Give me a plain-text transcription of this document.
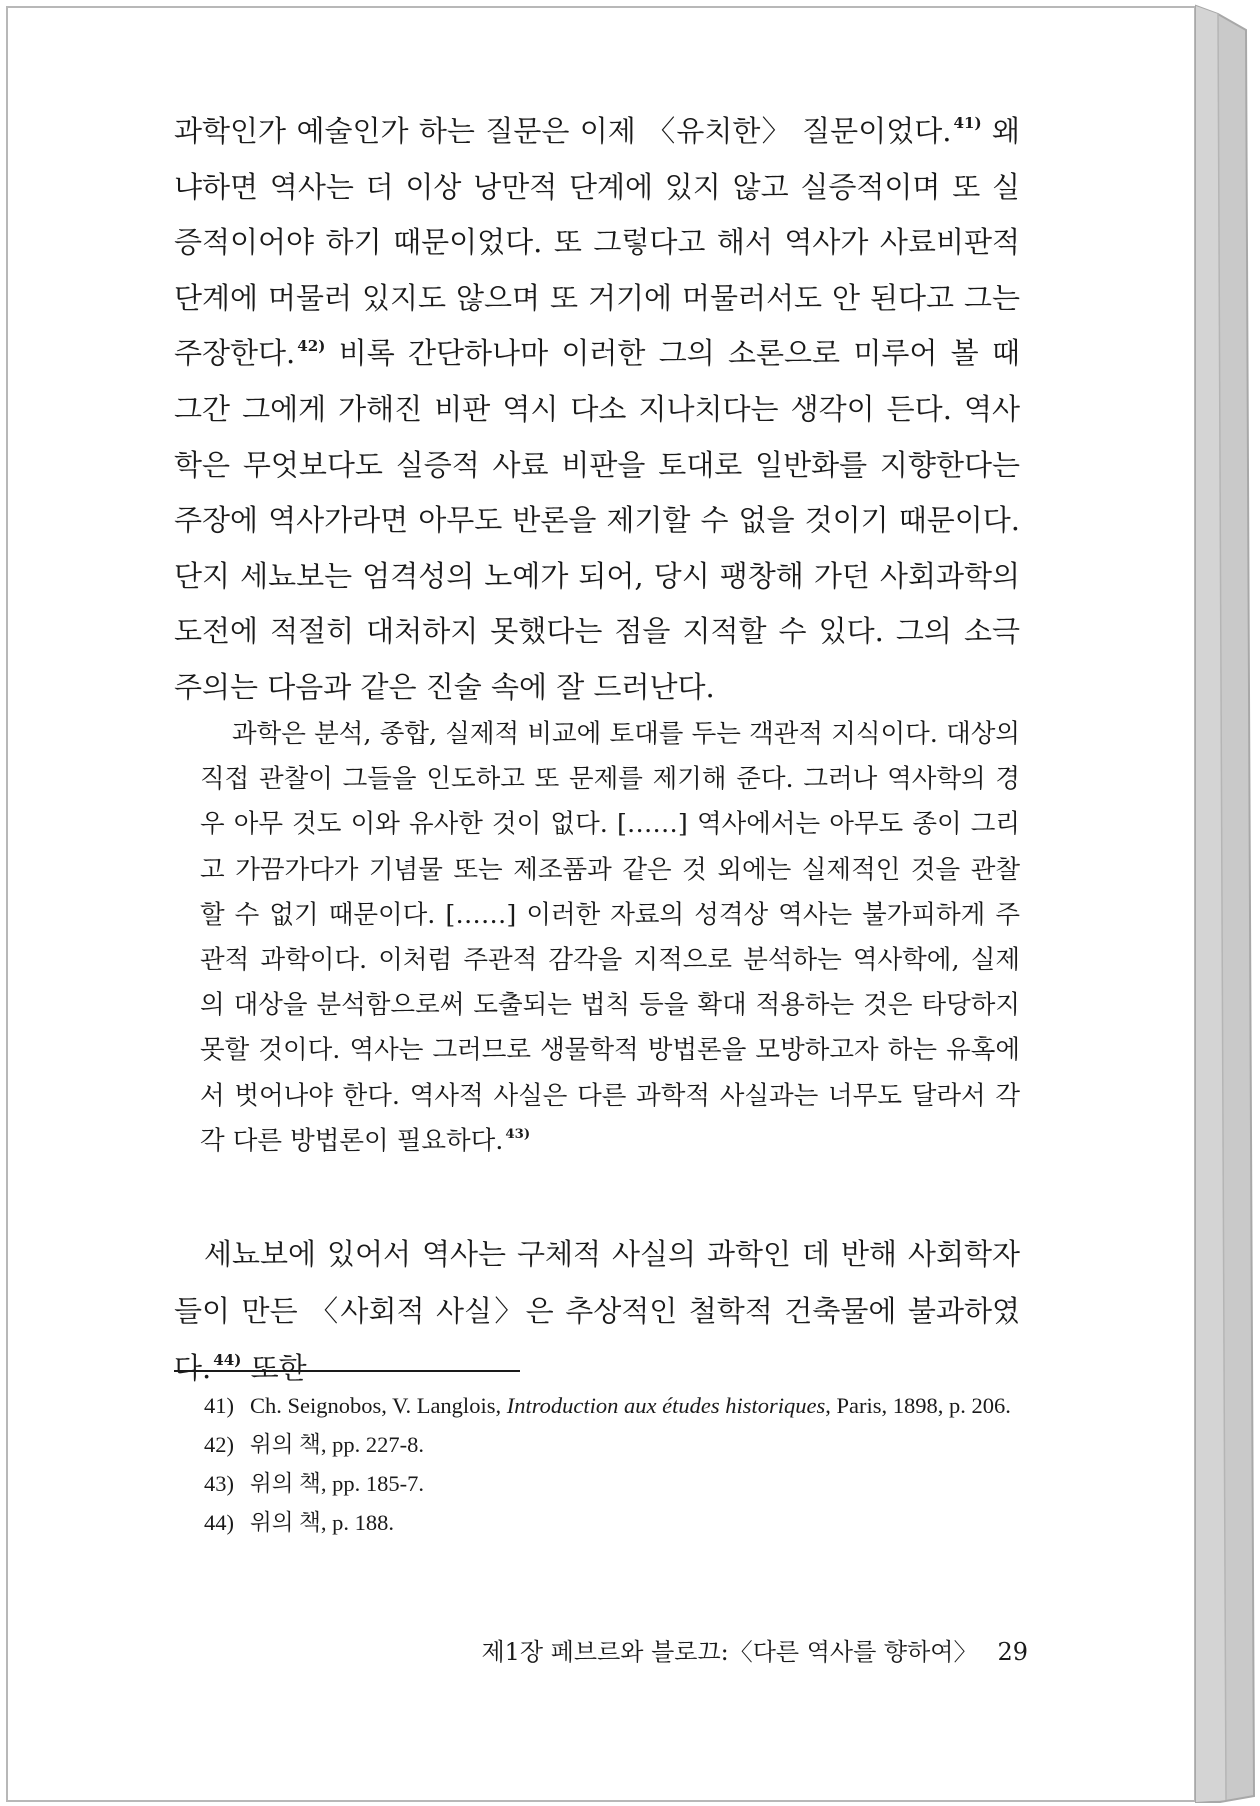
과학인가 예술인가 하는 질문은 이제 〈유치한〉 질문이었다. $^{41)}$ 왜냐하면 역사는 더 이상 낭만적 단계에 있지 않고 실증적이며 또 실증적이어야 하기 때문이었다. 또 그렇다고 해서 역사가 사료비판적 단계에 머물러 있지도 않으며 또 거기에 머물러서도 안 된다고 그는 주장한다. $^{42)}$ 비록 간단하나마 이러한 그의 소론으로 미루어 볼 때 그간 그에게 가해진 비판 역시 다소 지나치다는 생각이 든다. 역사학은 무엇보다도 실증적 사료 비판을 토대로 일반화를 지향한다는 주장에 역사가라면 아무도 반론을 제기할 수 없을 것이기 때문이다. 단지 세뇨보는 엄격성의 노예가 되어, 당시 팽창해 가던 사회과학의 도전에 적절히 대처하지 못했다는 점을 지적할 수 있다. 그의 소극주의는 다음과 같은 진술 속에 잘 드러난다.

과학은 분석, 종합, 실제적 비교에 토대를 두는 객관적 지식이다. 대상의 직접 관찰이 그들을 인도하고 또 문제를 제기해 준다. 그러나 역사학의 경우 아무 것도 이와 유사한 것이 없다. [……] 역사에서는 아무도 종이 그리고 가끔가다가 기념물 또는 제조품과 같은 것 외에는 실제적인 것을 관찰할 수 없기 때문이다. [……] 이러한 자료의 성격상 역사는 불가피하게 주관적 과학이다. 이처럼 주관적 감각을 지적으로 분석하는 역사학에, 실제의 대상을 분석함으로써 도출되는 법칙 등을 확대 적용하는 것은 타당하지 못할 것이다. 역사는 그러므로 생물학적 방법론을 모방하고자 하는 유혹에서 벗어나야 한다. 역사적 사실은 다른 과학적 사실과는 너무도 달라서 각각 다른 방법론이 필요하다. $^{43)}$

세뇨보에 있어서 역사는 구체적 사실의 과학인 데 반해 사회학자들이 만든 〈사회적 사실〉은 추상적인 철학적 건축물에 불과하였다. $^{44)}$ 또한

41) Ch. Seignobos, V. Langlois, Introduction aux études historiques, Paris, 1898, p. 206.
42) 위의 책, pp. 227-8.
43) 위의 책, pp. 185-7.
44) 위의 책, p. 188.
제1장 페브르와 블로끄:〈다른 역사를 향하여〉 29
